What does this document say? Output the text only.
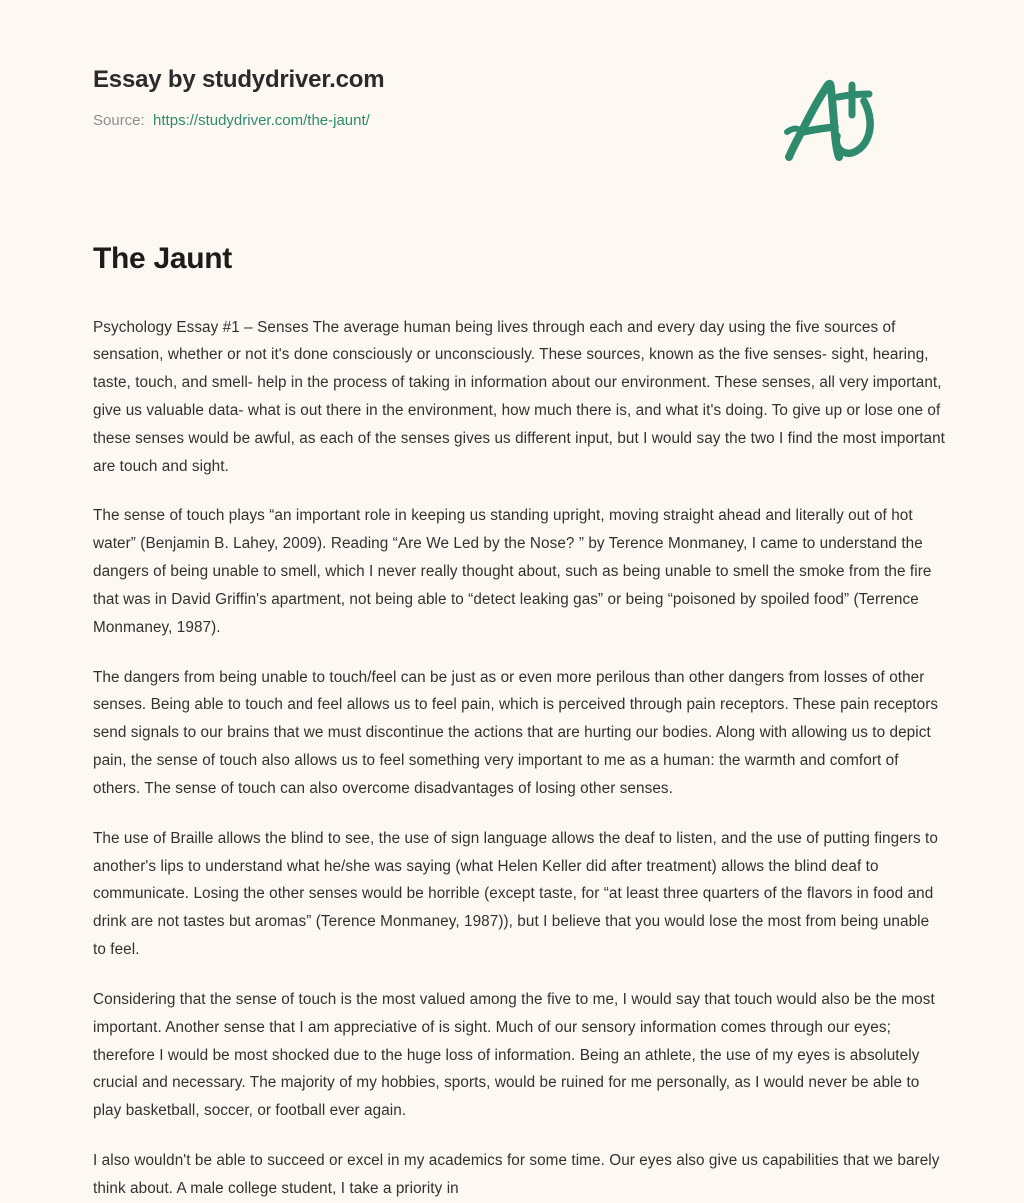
Essay by studydriver.com
Source: https://studydriver.com/the-jaunt/
The Jaunt

Psychology Essay #1 – Senses The average human being lives through each and every day using the five sources of sensation, whether or not it's done consciously or unconsciously. These sources, known as the five senses- sight, hearing, taste, touch, and smell- help in the process of taking in information about our environment. These senses, all very important, give us valuable data- what is out there in the environment, how much there is, and what it's doing. To give up or lose one of these senses would be awful, as each of the senses gives us different input, but I would say the two I find the most important are touch and sight.

The sense of touch plays “an important role in keeping us standing upright, moving straight ahead and literally out of hot water” (Benjamin B. Lahey, 2009). Reading “Are We Led by the Nose? ” by Terence Monmaney, I came to understand the dangers of being unable to smell, which I never really thought about, such as being unable to smell the smoke from the fire that was in David Griffin's apartment, not being able to “detect leaking gas” or being “poisoned by spoiled food” (Terrence Monmaney, 1987).

The dangers from being unable to touch/feel can be just as or even more perilous than other dangers from losses of other senses. Being able to touch and feel allows us to feel pain, which is perceived through pain receptors. These pain receptors send signals to our brains that we must discontinue the actions that are hurting our bodies. Along with allowing us to depict pain, the sense of touch also allows us to feel something very important to me as a human: the warmth and comfort of others. The sense of touch can also overcome disadvantages of losing other senses.

The use of Braille allows the blind to see, the use of sign language allows the deaf to listen, and the use of putting fingers to another's lips to understand what he/she was saying (what Helen Keller did after treatment) allows the blind deaf to communicate. Losing the other senses would be horrible (except taste, for “at least three quarters of the flavors in food and drink are not tastes but aromas” (Terence Monmaney, 1987)), but I believe that you would lose the most from being unable to feel.

Considering that the sense of touch is the most valued among the five to me, I would say that touch would also be the most important. Another sense that I am appreciative of is sight. Much of our sensory information comes through our eyes; therefore I would be most shocked due to the huge loss of information. Being an athlete, the use of my eyes is absolutely crucial and necessary. The majority of my hobbies, sports, would be ruined for me personally, as I would never be able to play basketball, soccer, or football ever again.

I also wouldn't be able to succeed or excel in my academics for some time. Our eyes also give us capabilities that we barely think about. A male college student, I take a priority in
